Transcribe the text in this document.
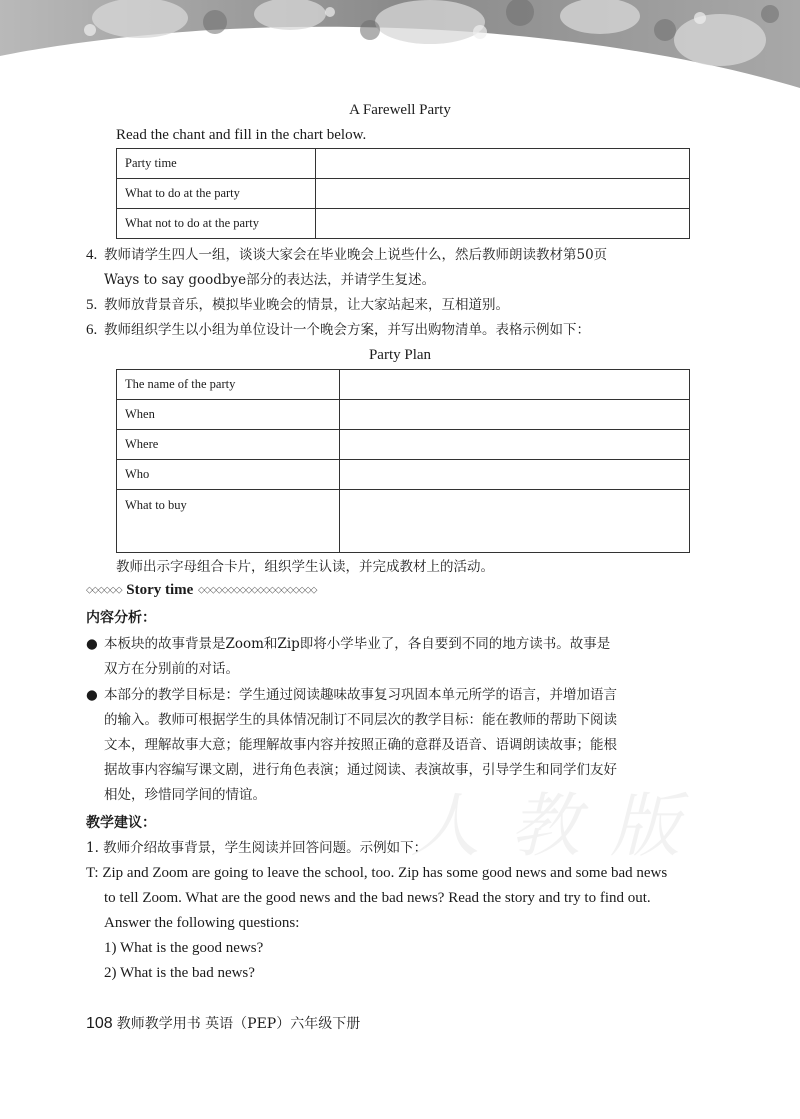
A Farewell Party
Read the chant and fill in the chart below.
Party time	
What to do at the party	
What not to do at the party	
4. 教师请学生四人一组，谈谈大家会在毕业晚会上说些什么，然后教师朗读教材第50页
Ways to say goodbye部分的表达法，并请学生复述。
5. 教师放背景音乐，模拟毕业晚会的情景，让大家站起来，互相道别。
6. 教师组织学生以小组为单位设计一个晚会方案，并写出购物清单。表格示例如下：
Party Plan
The name of the party	
When	
Where	
Who	
What to buy	
教师出示字母组合卡片，组织学生认读，并完成教材上的活动。
◇◇◇◇◇◇ Story time ◇◇◇◇◇◇◇◇◇◇◇◇◇◇◇◇◇◇◇◇
内容分析：
● 本板块的故事背景是Zoom和Zip即将小学毕业了，各自要到不同的地方读书。故事是
双方在分别前的对话。
● 本部分的教学目标是：学生通过阅读趣味故事复习巩固本单元所学的语言，并增加语言
的输入。教师可根据学生的具体情况制订不同层次的教学目标：能在教师的帮助下阅读
文本，理解故事大意；能理解故事内容并按照正确的意群及语音、语调朗读故事；能根
据故事内容编写课文剧，进行角色表演；通过阅读、表演故事，引导学生和同学们友好
相处，珍惜同学间的情谊。 人教版
教学建议：
1. 教师介绍故事背景，学生阅读并回答问题。示例如下：
T: Zip and Zoom are going to leave the school, too. Zip has some good news and some bad news
to tell Zoom. What are the good news and the bad news? Read the story and try to find out.
Answer the following questions:
1) What is the good news?
2) What is the bad news?
108 教师教学用书 英语（PEP）六年级下册
